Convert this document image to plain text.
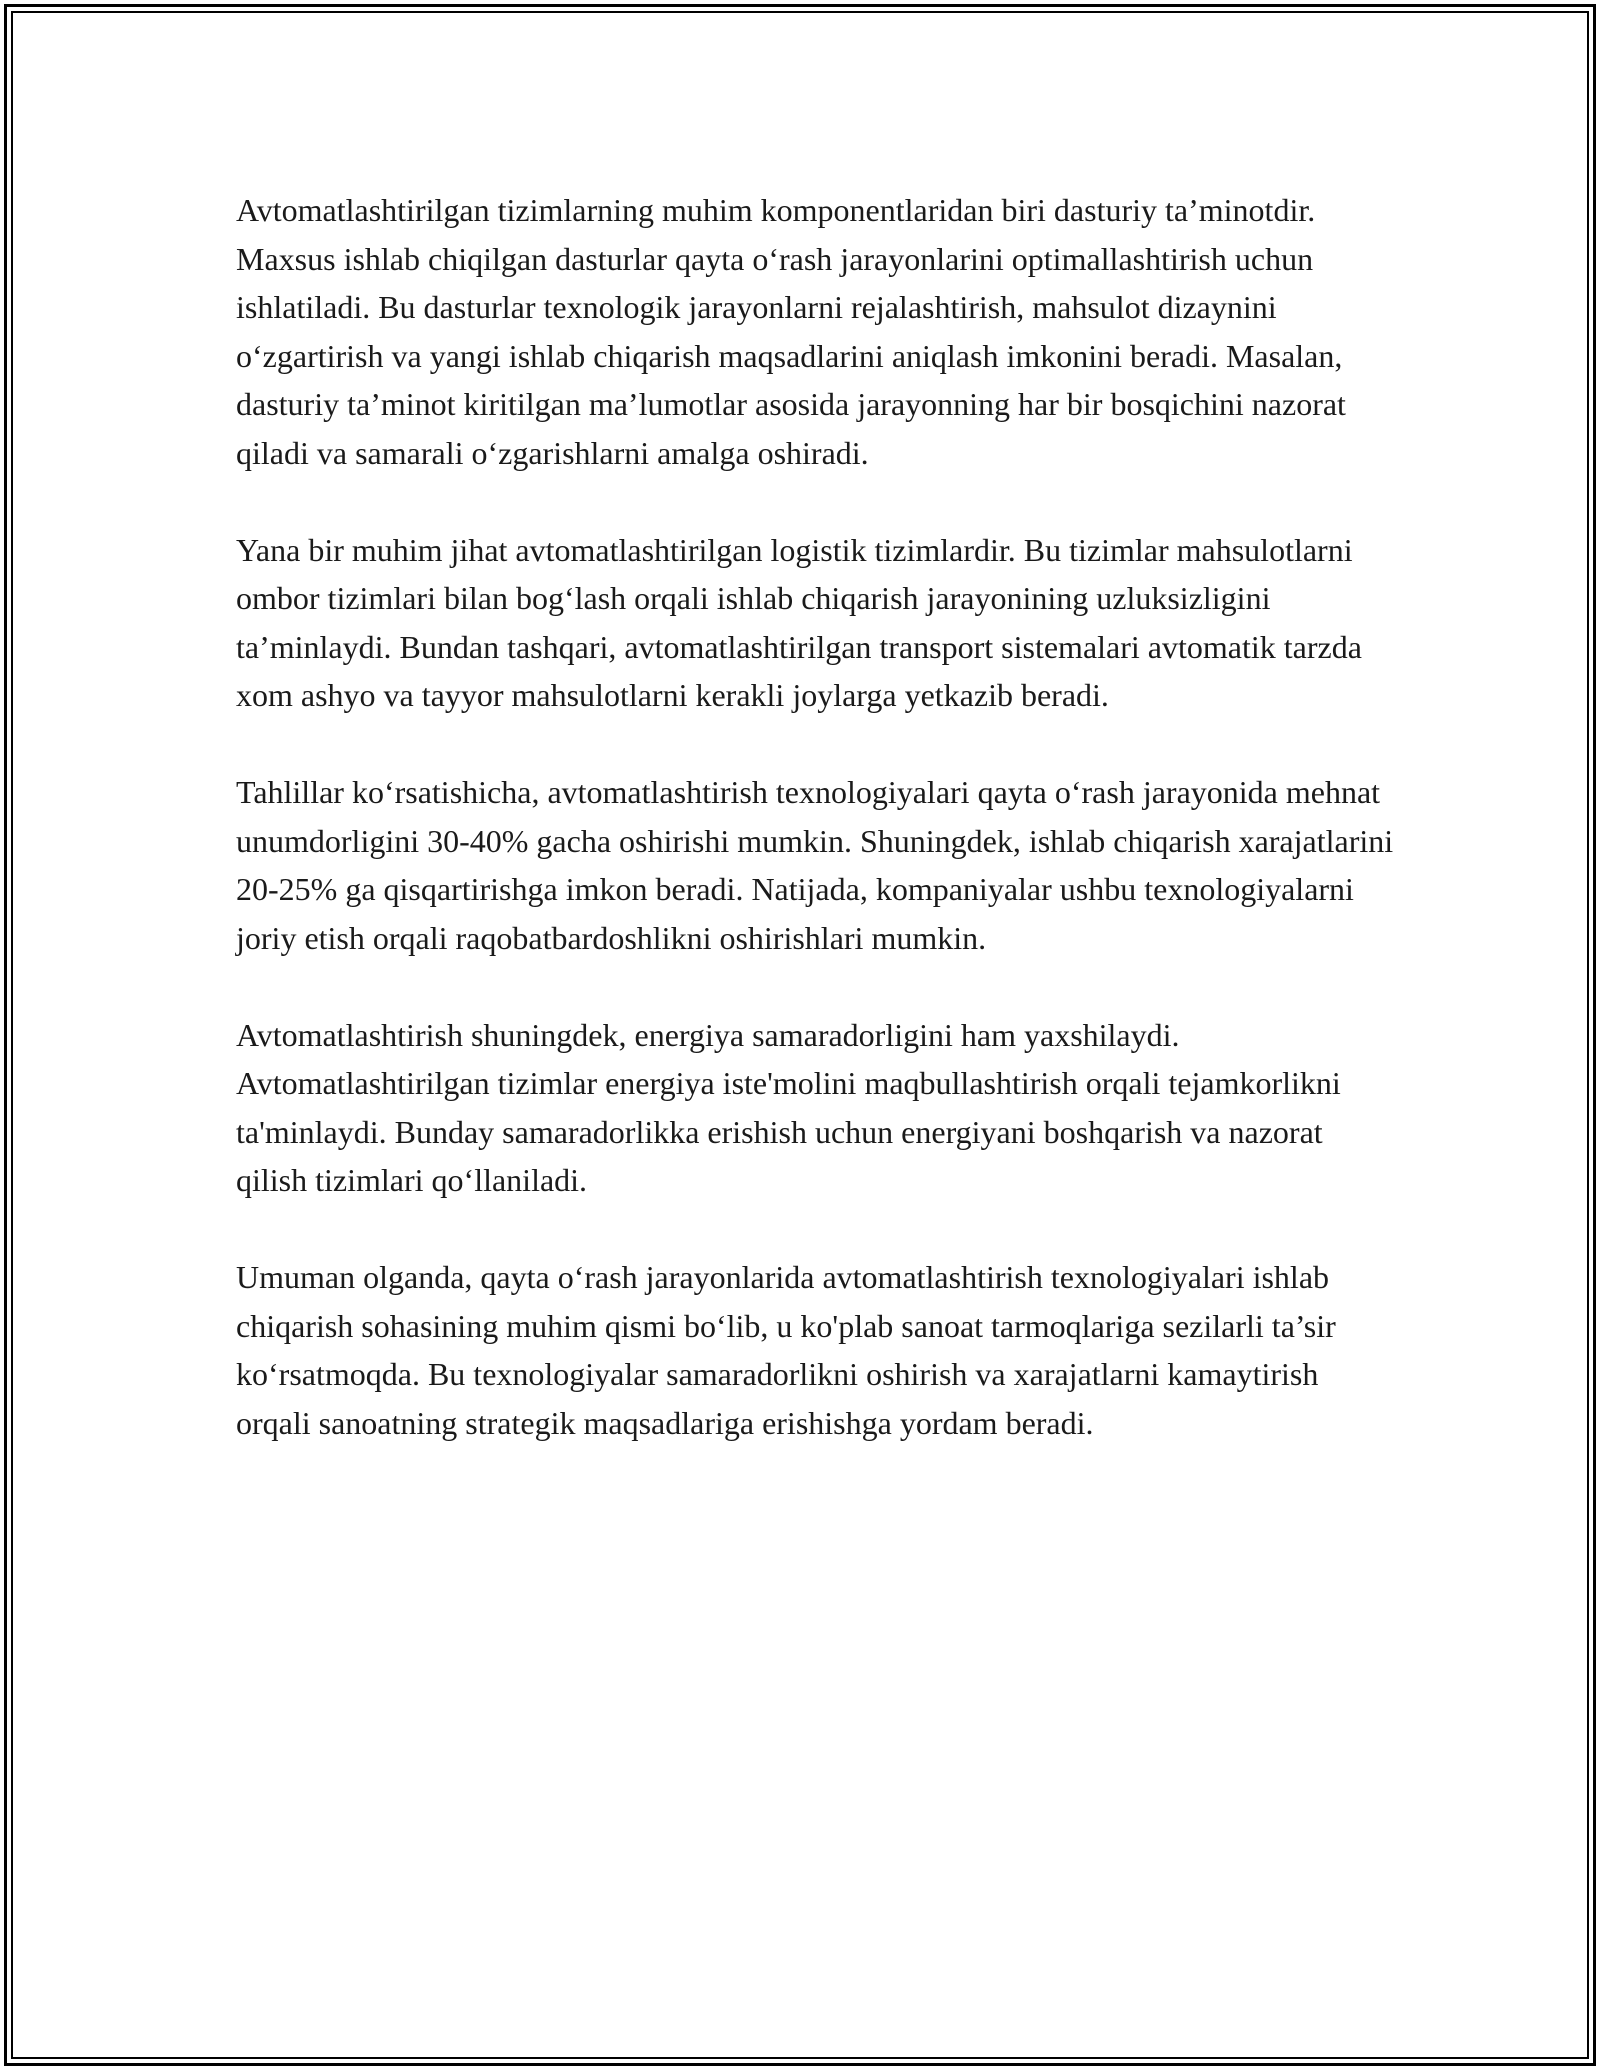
Avtomatlashtirilgan tizimlarning muhim komponentlaridan biri dasturiy ta’minotdir. Maxsus ishlab chiqilgan dasturlar qayta o‘rash jarayonlarini optimallashtirish uchun ishlatiladi. Bu dasturlar texnologik jarayonlarni rejalashtirish, mahsulot dizaynini o‘zgartirish va yangi ishlab chiqarish maqsadlarini aniqlash imkonini beradi. Masalan, dasturiy ta’minot kiritilgan ma’lumotlar asosida jarayonning har bir bosqichini nazorat qiladi va samarali o‘zgarishlarni amalga oshiradi.

Yana bir muhim jihat avtomatlashtirilgan logistik tizimlardir. Bu tizimlar mahsulotlarni ombor tizimlari bilan bog‘lash orqali ishlab chiqarish jarayonining uzluksizligini ta’minlaydi. Bundan tashqari, avtomatlashtirilgan transport sistemalari avtomatik tarzda xom ashyo va tayyor mahsulotlarni kerakli joylarga yetkazib beradi.

Tahlillar ko‘rsatishicha, avtomatlashtirish texnologiyalari qayta o‘rash jarayonida mehnat unumdorligini 30-40% gacha oshirishi mumkin. Shuningdek, ishlab chiqarish xarajatlarini 20-25% ga qisqartirishga imkon beradi. Natijada, kompaniyalar ushbu texnologiyalarni joriy etish orqali raqobatbardoshlikni oshirishlari mumkin.

Avtomatlashtirish shuningdek, energiya samaradorligini ham yaxshilaydi. Avtomatlashtirilgan tizimlar energiya iste'molini maqbullashtirish orqali tejamkorlikni ta'minlaydi. Bunday samaradorlikka erishish uchun energiyani boshqarish va nazorat qilish tizimlari qo‘llaniladi.

Umuman olganda, qayta o‘rash jarayonlarida avtomatlashtirish texnologiyalari ishlab chiqarish sohasining muhim qismi bo‘lib, u ko'plab sanoat tarmoqlariga sezilarli ta’sir ko‘rsatmoqda. Bu texnologiyalar samaradorlikni oshirish va xarajatlarni kamaytirish orqali sanoatning strategik maqsadlariga erishishga yordam beradi.
